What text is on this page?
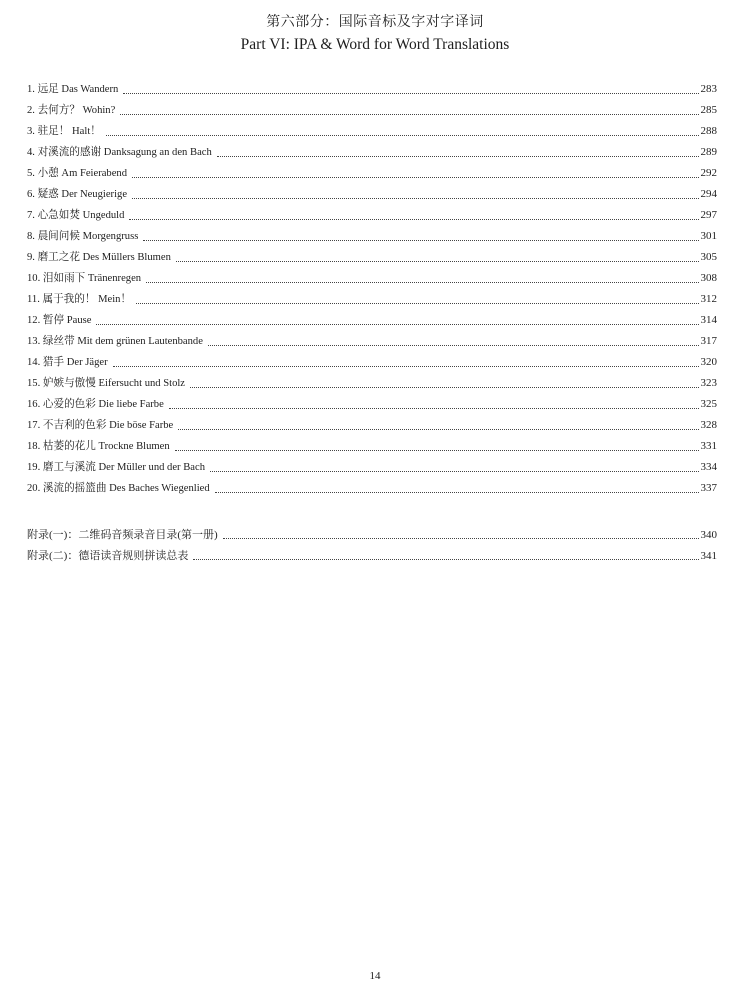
第六部分：国际音标及字对字译词
Part VI: IPA & Word for Word Translations
1. 远足 Das Wandern	283
2. 去何方？ Wohin?	285
3. 驻足！ Halt！	288
4. 对溪流的感谢 Danksagung an den Bach	289
5. 小憩 Am Feierabend	292
6. 疑惑 Der Neugierige	294
7. 心急如焚 Ungeduld	297
8. 晨间问候 Morgengruss	301
9. 磨工之花 Des Müllers Blumen	305
10. 泪如雨下 Tränenregen	308
11. 属于我的！ Mein！	312
12. 暂停 Pause	314
13. 绿丝带 Mit dem grünen Lautenbande	317
14. 猎手 Der Jäger	320
15. 妒嫉与傲慢 Eifersucht und Stolz	323
16. 心爱的色彩 Die liebe Farbe	325
17. 不吉利的色彩 Die böse Farbe	328
18. 枯萎的花儿 Trockne Blumen	331
19. 磨工与溪流 Der Müller und der Bach	334
20. 溪流的摇篮曲 Des Baches Wiegenlied	337
附录(一)：二维码音频录音目录(第一册)	340
附录(二)：德语读音规则拼读总表	341
14
